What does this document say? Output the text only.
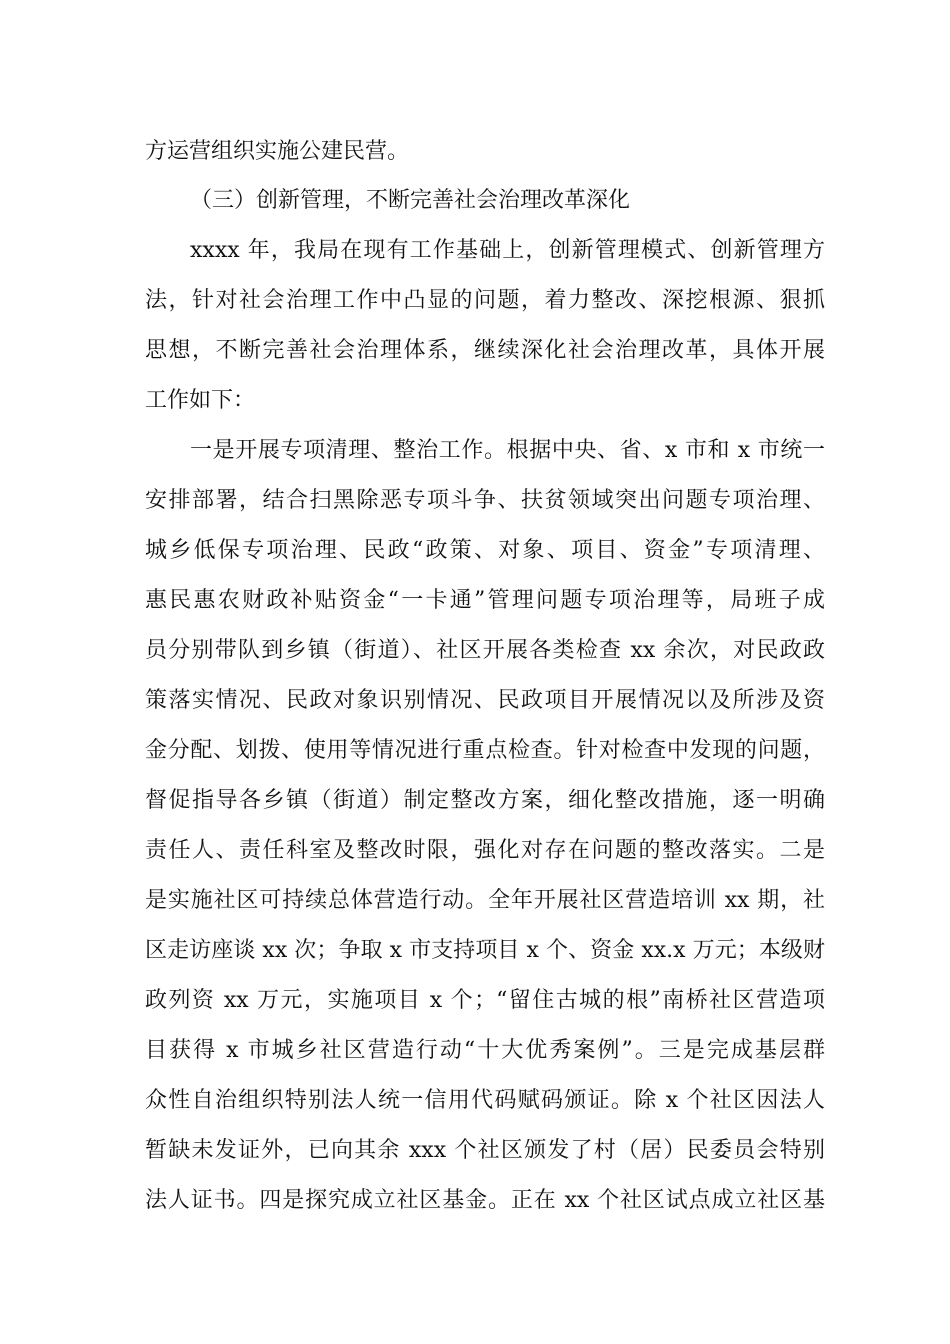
方运营组织实施公建民营。

（三）创新管理，不断完善社会治理改革深化

xxxx 年，我局在现有工作基础上，创新管理模式、创新管理方

法，针对社会治理工作中凸显的问题，着力整改、深挖根源、狠抓

思想，不断完善社会治理体系，继续深化社会治理改革，具体开展

工作如下：

一是开展专项清理、整治工作。根据中央、省、x 市和 x 市统一

安排部署，结合扫黑除恶专项斗争、扶贫领域突出问题专项治理、

城乡低保专项治理、民政“政策、对象、项目、资金”专项清理、

惠民惠农财政补贴资金“一卡通”管理问题专项治理等，局班子成

员分别带队到乡镇（街道）、社区开展各类检查 xx 余次，对民政政

策落实情况、民政对象识别情况、民政项目开展情况以及所涉及资

金分配、划拨、使用等情况进行重点检查。针对检查中发现的问题，

督促指导各乡镇（街道）制定整改方案，细化整改措施，逐一明确

责任人、责任科室及整改时限，强化对存在问题的整改落实。二是

是实施社区可持续总体营造行动。全年开展社区营造培训 xx 期，社

区走访座谈 xx 次；争取 x 市支持项目 x 个、资金 xx.x 万元；本级财

政列资 xx 万元，实施项目 x 个；“留住古城的根”南桥社区营造项

目获得 x 市城乡社区营造行动“十大优秀案例”。三是完成基层群

众性自治组织特别法人统一信用代码赋码颁证。除 x 个社区因法人

暂缺未发证外，已向其余 xxx 个社区颁发了村（居）民委员会特别

法人证书。四是探究成立社区基金。正在 xx 个社区试点成立社区基
